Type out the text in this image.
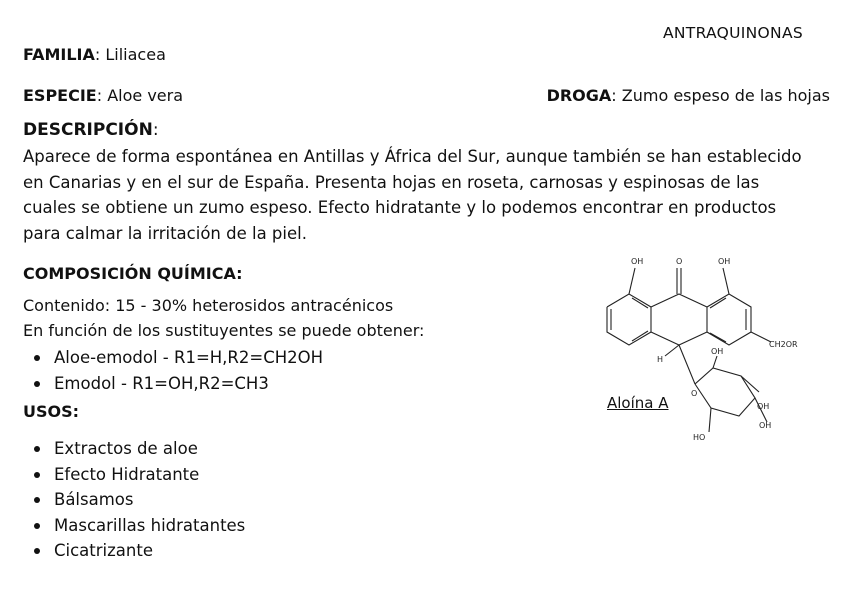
ANTRAQUINONAS
FAMILIA: Liliacea
ESPECIE: Aloe vera	DROGA: Zumo espeso de las hojas
DESCRIPCIÓN:
Aparece de forma espontánea en Antillas y África del Sur, aunque también se han establecido
en Canarias y en el sur de España. Presenta hojas en roseta, carnosas y espinosas de las
cuales se obtiene un zumo espeso. Efecto hidratante y lo podemos encontrar en productos
para calmar la irritación de la piel.
COMPOSICIÓN QUÍMICA:
Contenido: 15 - 30% heterosidos antracénicos
En función de los sustituyentes se puede obtener:
Aloe-emodol - R1=H,R2=CH2OH
Emodol - R1=OH,R2=CH3
USOS:
Extractos de aloe
Efecto Hidratante
Bálsamos
Mascarillas hidratantes
Cicatrizante
OH	O	OH
CH2OR
H
OH
O
OH
OH
HO
Aloína A
